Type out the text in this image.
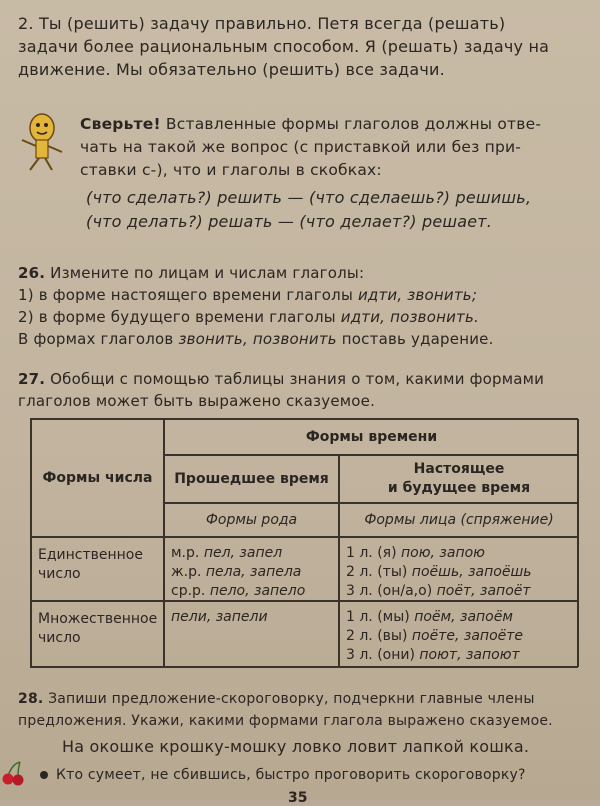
2. Ты (решить) задачу правильно. Петя всегда (решать)
задачи более рациональным способом. Я (решать) задачу на
движение. Мы обязательно (решить) все задачи.
Сверьте! Вставленные формы глаголов должны отве-
чать на такой же вопрос (с приставкой или без при-
ставки с-), что и глаголы в скобках:
(что сделать?) решить — (что сделаешь?) решишь,
(что делать?) решать — (что делает?) решает.
26. Измените по лицам и числам глаголы:
1) в форме настоящего времени глаголы идти, звонить;
2) в форме будущего времени глаголы идти, позвонить.
В формах глаголов звонить, позвонить поставь ударение.
27. Обобщи с помощью таблицы знания о том, какими формами
глаголов может быть выражено сказуемое.
Формы числа
Формы времени
Прошедшее время
Настоящее
и будущее время
Формы рода	Формы лица (спряжение)
Единственное
число
м.р. пел, запел
ж.р. пела, запела
ср.р. пело, запело
1 л. (я) пою, запою
2 л. (ты) поёшь, запоёшь
3 л. (он/а,о) поёт, запоёт
Множественное
число
пели, запели	1 л. (мы) поём, запоём
2 л. (вы) поёте, запоёте
3 л. (они) поют, запоют
28. Запиши предложение-скороговорку, подчеркни главные члены
предложения. Укажи, какими формами глагола выражено сказуемое.
На окошке крошку-мошку ловко ловит лапкой кошка.
Кто сумеет, не сбившись, быстро проговорить скороговорку?
35
